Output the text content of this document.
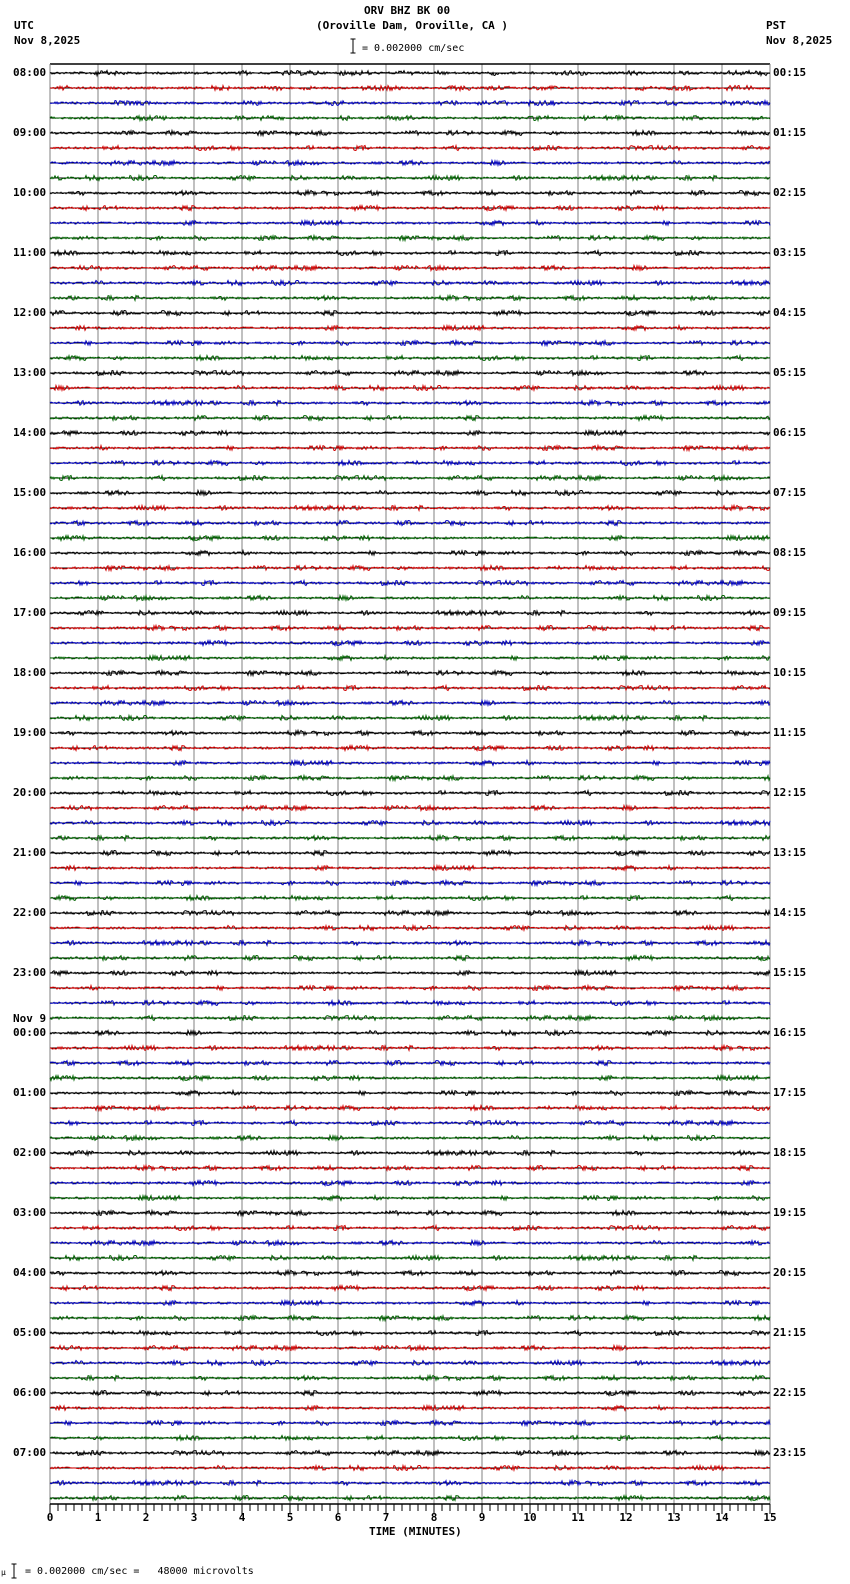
ORV BHZ BK 00
(Oroville Dam, Oroville, CA )
UTC
Nov 8,2025
PST
Nov 8,2025
= 0.002000 cm/sec
08:00
09:00
10:00
11:00
12:00
13:00
14:00
15:00
16:00
17:00
18:00
19:00
20:00
21:00
22:00
23:00
00:00
Nov 9
01:00
02:00
03:00
04:00
05:00
06:00
07:00
00:15
01:15
02:15
03:15
04:15
05:15
06:15
07:15
08:15
09:15
10:15
11:15
12:15
13:15
14:15
15:15
16:15
17:15
18:15
19:15
20:15
21:15
22:15
23:15
0	1	2	3	4	5	6	7	8	9	10	11	12	13	14	15
TIME (MINUTES)
μ = 0.002000 cm/sec =   48000 microvolts
